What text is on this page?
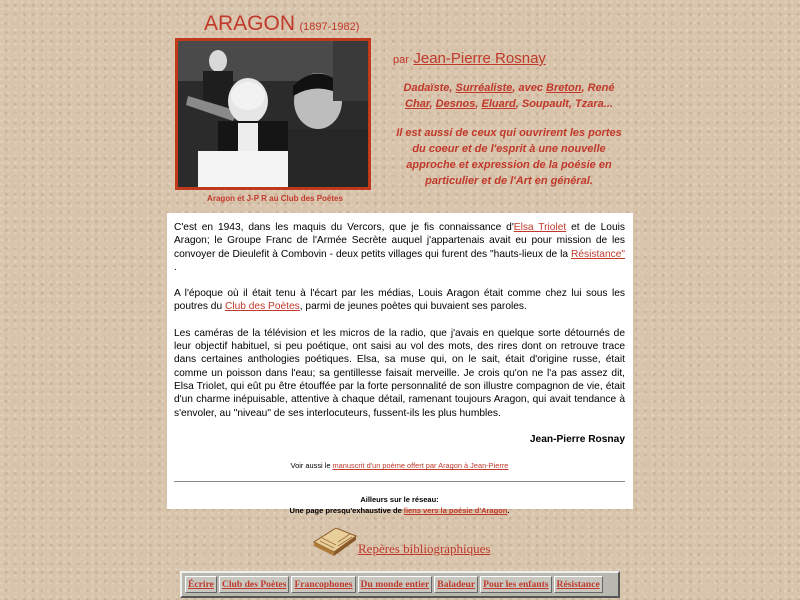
ARAGON (1897-1982)
Aragon et J-P R au Club des Poètes
par Jean-Pierre Rosnay

Dadaïste, Surréaliste, avec Breton, René Char, Desnos, Eluard, Soupault, Tzara...

Il est aussi de ceux qui ouvrirent les portes du coeur et de l'esprit à une nouvelle approche et expression de la poésie en particulier et de l'Art en général.

C'est en 1943, dans les maquis du Vercors, que je fis connaissance d'Elsa Triolet et de Louis Aragon; le Groupe Franc de l'Armée Secrète auquel j'appartenais avait eu pour mission de les convoyer de Dieulefit à Combovin - deux petits villages qui furent des "hauts-lieux de la Résistance" .

A l'époque où il était tenu à l'écart par les médias, Louis Aragon était comme chez lui sous les poutres du Club des Poètes, parmi de jeunes poètes qui buvaient ses paroles.

Les caméras de la télévision et les micros de la radio, que j'avais en quelque sorte détournés de leur objectif habituel, si peu poétique, ont saisi au vol des mots, des rires dont on retrouve trace dans certaines anthologies poétiques. Elsa, sa muse qui, on le sait, était d'origine russe, était comme un poisson dans l'eau; sa gentillesse faisait merveille. Je crois qu'on ne l'a pas assez dit, Elsa Triolet, qui eût pu être étouffée par la forte personnalité de son illustre compagnon de vie, était d'un charme inépuisable, attentive à chaque détail, ramenant toujours Aragon, qui avait tendance à s'envoler, au "niveau" de ses interlocuteurs, fussent-ils les plus humbles.

Jean-Pierre Rosnay
Voir aussi le manuscrit d'un poème offert par Aragon à Jean-Pierre
Ailleurs sur le réseau:
Une page presqu'exhaustive de liens vers la poésie d'Aragon.
Repères bibliographiques
Écrire Club des Poètes Francophones Du monde entier Baladeur Pour les enfants Résistance
